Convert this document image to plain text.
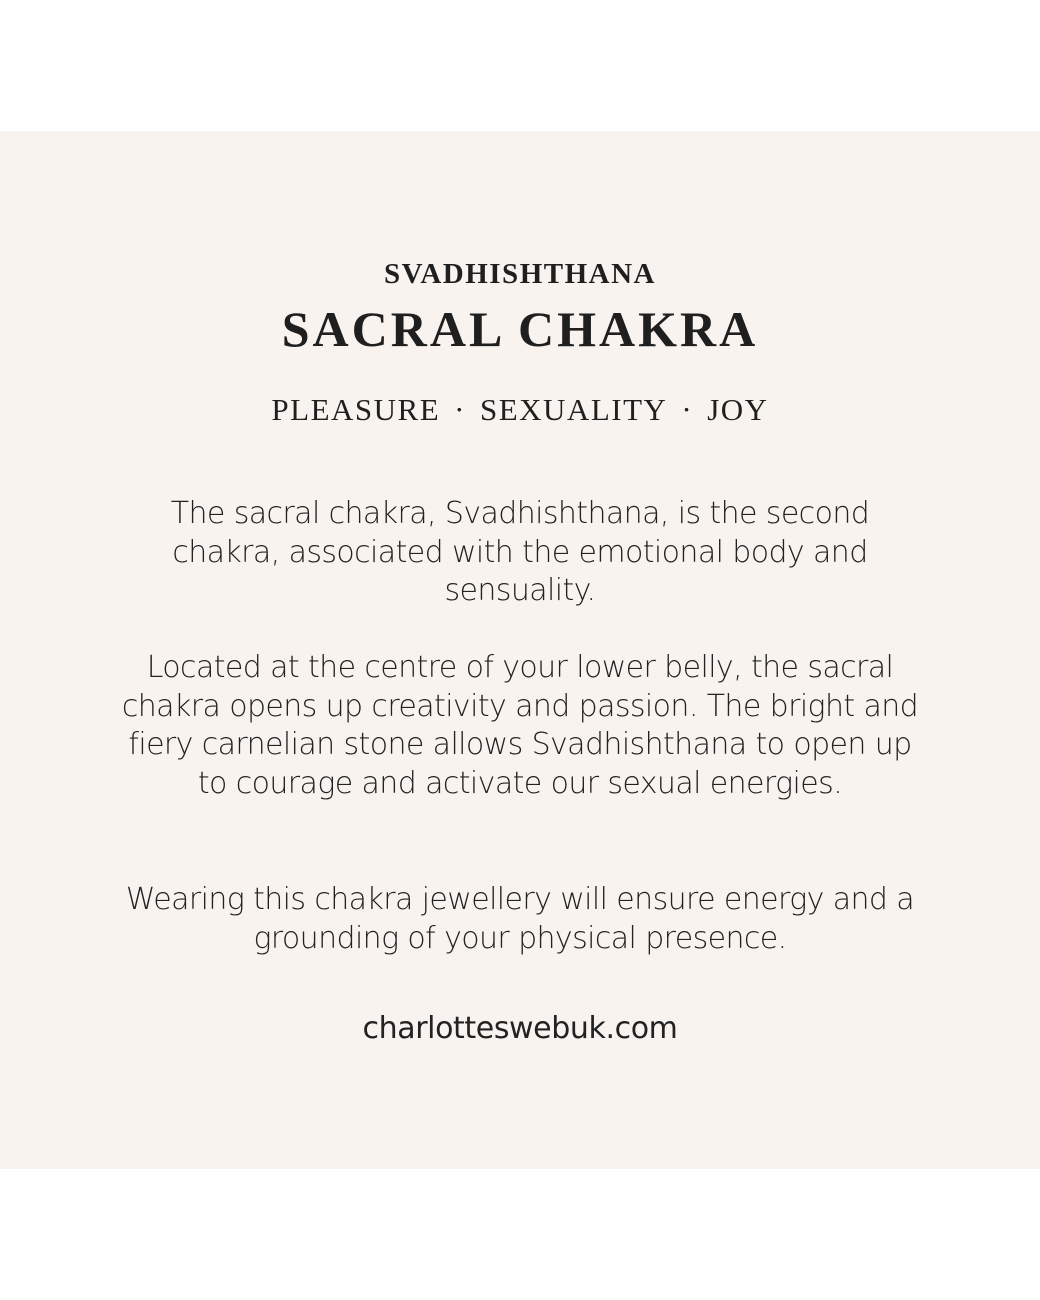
SVADHISHTHANA
SACRAL CHAKRA
PLEASURE · SEXUALITY · JOY

The sacral chakra, Svadhishthana, is the second chakra, associated with the emotional body and sensuality.

Located at the centre of your lower belly, the sacral chakra opens up creativity and passion. The bright and fiery carnelian stone allows Svadhishthana to open up to courage and activate our sexual energies.

Wearing this chakra jewellery will ensure energy and a grounding of your physical presence.

charlotteswebuk.com
